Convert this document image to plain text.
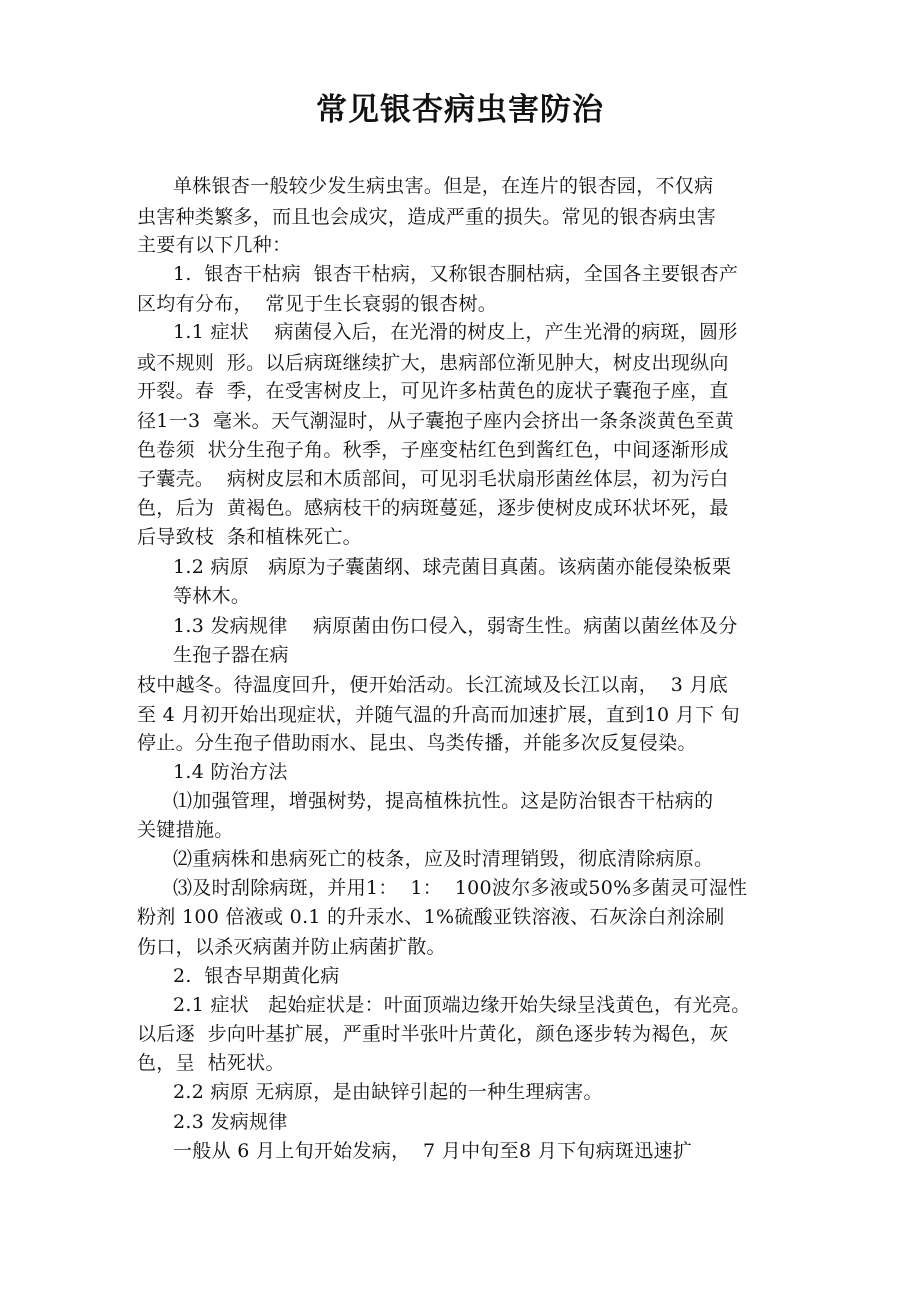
常见银杏病虫害防治
单株银杏一般较少发生病虫害。但是，在连片的银杏园，不仅病
虫害种类繁多，而且也会成灾，造成严重的损失。常见的银杏病虫害
主要有以下几种：
1.  银杏干枯病  银杏干枯病，又称银杏胴枯病，全国各主要银杏产
区均有分布，  常见于生长衰弱的银杏树。
1.1 症状    病菌侵入后，在光滑的树皮上，产生光滑的病斑，圆形
或不规则  形。以后病斑继续扩大，患病部位渐见肿大，树皮出现纵向
开裂。春  季，在受害树皮上，可见许多枯黄色的庞状子囊孢子座，直
径1一3  毫米。天气潮湿时，从子囊抱子座内会挤出一条条淡黄色至黄
色卷须  状分生孢子角。秋季，子座变枯红色到酱红色，中间逐渐形成
子囊壳。  病树皮层和木质部间，可见羽毛状扇形菌丝体层，初为污白
色，后为  黄褐色。感病枝干的病斑蔓延，逐步使树皮成环状坏死，最
后导致枝  条和植株死亡。
1.2 病原   病原为子囊菌纲、球壳菌目真菌。该病菌亦能侵染板栗
等林木。
1.3 发病规律    病原菌由伤口侵入，弱寄生性。病菌以菌丝体及分
生孢子器在病
枝中越冬。待温度回升，便开始活动。长江流域及长江以南，  3 月底
至 4 月初开始出现症状，并随气温的升高而加速扩展，直到10 月下 旬
停止。分生孢子借助雨水、昆虫、鸟类传播，并能多次反复侵染。
1.4 防治方法
⑴加强管理，增强树势，提高植株抗性。这是防治银杏干枯病的
关键措施。
⑵重病株和患病死亡的枝条，应及时清理销毁，彻底清除病原。
⑶及时刮除病斑，并用1：  1：  100波尔多液或50%多菌灵可湿性
粉剂 100 倍液或 0.1 的升汞水、1%硫酸亚铁溶液、石灰涂白剂涂刷
伤口，以杀灭病菌并防止病菌扩散。
2.  银杏早期黄化病
2.1 症状   起始症状是：叶面顶端边缘开始失绿呈浅黄色，有光亮。
以后逐  步向叶基扩展，严重时半张叶片黄化，颜色逐步转为褐色，灰
色，呈  枯死状。
2.2 病原 无病原，是由缺锌引起的一种生理病害。
2.3 发病规律
一般从 6 月上旬开始发病，  7 月中旬至8 月下旬病斑迅速扩
